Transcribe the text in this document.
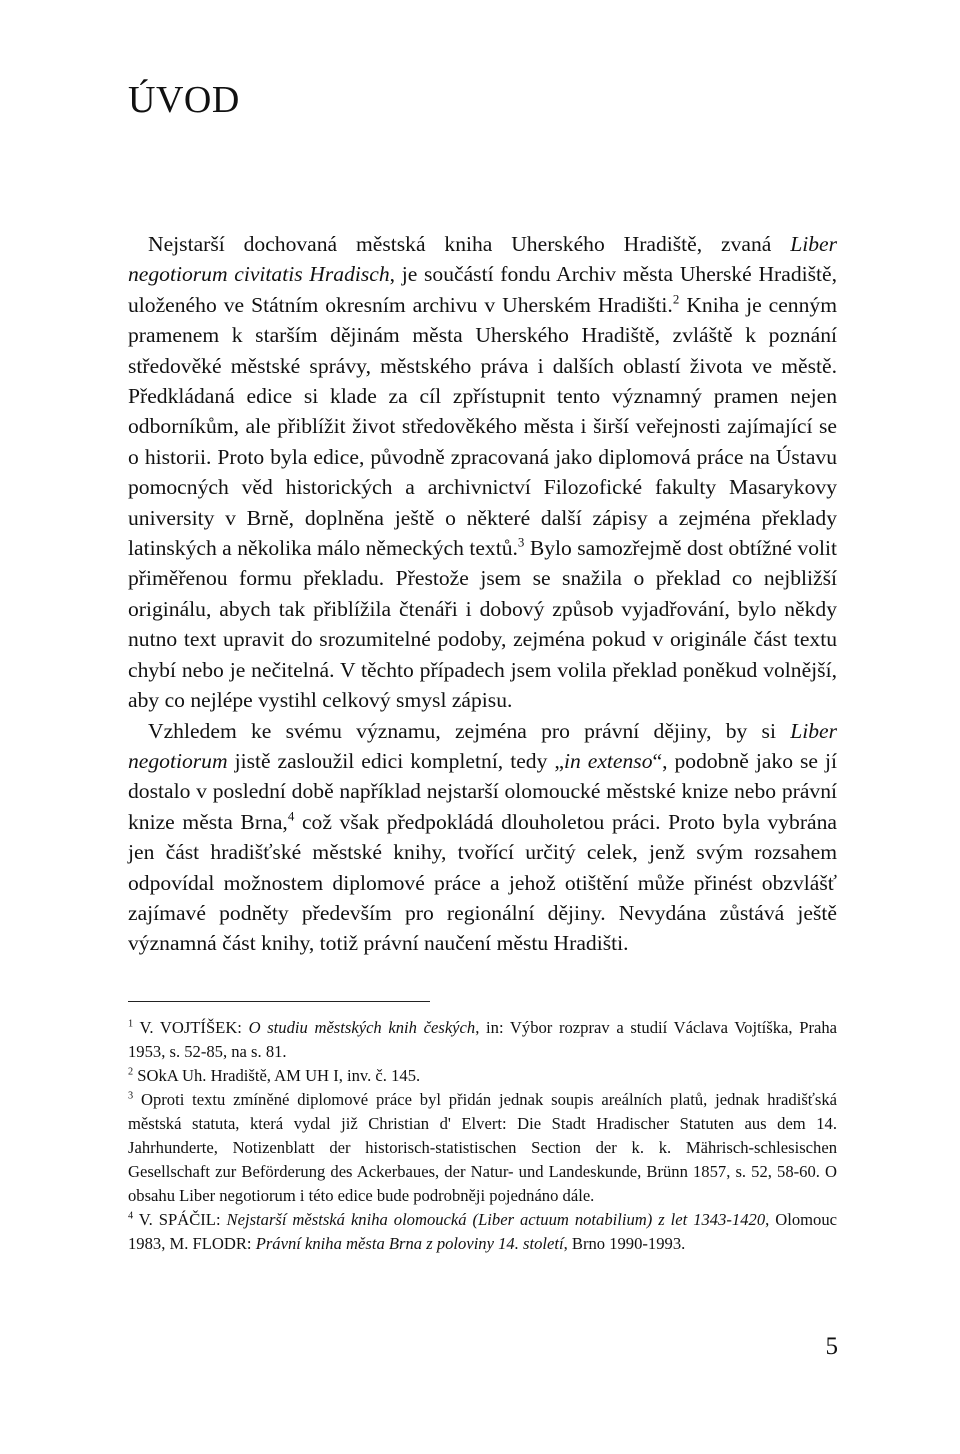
ÚVOD

Nejstarší dochovaná městská kniha Uherského Hradiště, zvaná Liber negotiorum civitatis Hradisch, je součástí fondu Archiv města Uherské Hradiště, uloženého ve Státním okresním archivu v Uherském Hradišti.$^2$ Kniha je cenným pramenem k starším dějinám města Uherského Hradiště, zvláště k poznání středověké městské správy, městského práva i dalších oblastí života ve městě. Předkládaná edice si klade za cíl zpřístupnit tento významný pramen nejen odborníkům, ale přiblížit život středověkého města i širší veřejnosti zajímající se o historii. Proto byla edice, původně zpracovaná jako diplomová práce na Ústavu pomocných věd historických a archivnictví Filozofické fakulty Masarykovy university v Brně, doplněna ještě o některé další zápisy a zejména překlady latinských a několika málo německých textů.$^3$ Bylo samozřejmě dost obtížné volit přiměřenou formu překladu. Přestože jsem se snažila o překlad co nejbližší originálu, abych tak přiblížila čtenáři i dobový způsob vyjadřování, bylo někdy nutno text upravit do srozumitelné podoby, zejména pokud v originále část textu chybí nebo je nečitelná. V těchto případech jsem volila překlad poněkud volnější, aby co nejlépe vystihl celkový smysl zápisu.

Vzhledem ke svému významu, zejména pro právní dějiny, by si Liber negotiorum jistě zasloužil edici kompletní, tedy „in extenso“, podobně jako se jí dostalo v poslední době například nejstarší olomoucké městské knize nebo právní knize města Brna,$^4$ což však předpokládá dlouholetou práci. Proto byla vybrána jen část hradišťské městské knihy, tvořící určitý celek, jenž svým rozsahem odpovídal možnostem diplomové práce a jehož otištění může přinést obzvlášť zajímavé podněty především pro regionální dějiny. Nevydána zůstává ještě významná část knihy, totiž právní naučení městu Hradišti.

$^1$ V. VOJTÍŠEK: O studiu městských knih českých, in: Výbor rozprav a studií Václava Vojtíška, Praha 1953, s. 52-85, na s. 81.

$^2$ SOkA Uh. Hradiště, AM UH I, inv. č. 145.

$^3$ Oproti textu zmíněné diplomové práce byl přidán jednak soupis areálních platů, jednak hradišťská městská statuta, která vydal již Christian d' Elvert: Die Stadt Hradischer Statuten aus dem 14. Jahrhunderte, Notizenblatt der historisch-statistischen Section der k. k. Mährisch-schlesischen Gesellschaft zur Beförderung des Ackerbaues, der Natur- und Landeskunde, Brünn 1857, s. 52, 58-60. O obsahu Liber negotiorum i této edice bude podrobněji pojednáno dále.

$^4$ V. SPÁČIL: Nejstarší městská kniha olomoucká (Liber actuum notabilium) z let 1343-1420, Olomouc 1983, M. FLODR: Právní kniha města Brna z poloviny 14. století, Brno 1990-1993.

5
